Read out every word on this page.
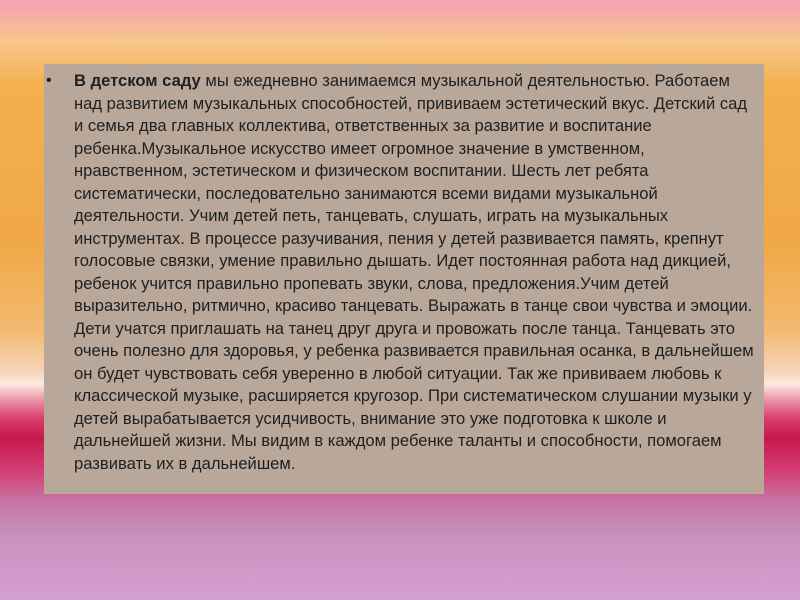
• В детском саду мы ежедневно занимаемся музыкальной деятельностью. Работаем над развитием музыкальных способностей, прививаем эстетический вкус. Детский сад и семья два главных коллектива, ответственных за развитие и воспитание ребенка.Музыкальное искусство имеет огромное значение в умственном, нравственном, эстетическом и физическом воспитании. Шесть лет ребята систематически, последовательно занимаются всеми видами музыкальной деятельности. Учим детей петь, танцевать, слушать, играть на музыкальных инструментах. В процессе разучивания, пения у детей развивается память, крепнут голосовые связки, умение правильно дышать. Идет постоянная работа над дикцией, ребенок учится правильно пропевать звуки, слова, предложения.Учим детей выразительно, ритмично, красиво танцевать. Выражать в танце свои чувства и эмоции. Дети учатся приглашать на танец друг друга и провожать после танца. Танцевать это очень полезно для здоровья, у ребенка развивается правильная осанка, в дальнейшем он будет чувствовать себя уверенно в любой ситуации. Так же прививаем любовь к классической музыке, расширяется кругозор. При систематическом слушании музыки у детей вырабатывается усидчивость, внимание это уже подготовка к школе и дальнейшей жизни. Мы видим в каждом ребенке таланты и способности, помогаем развивать их в дальнейшем.
